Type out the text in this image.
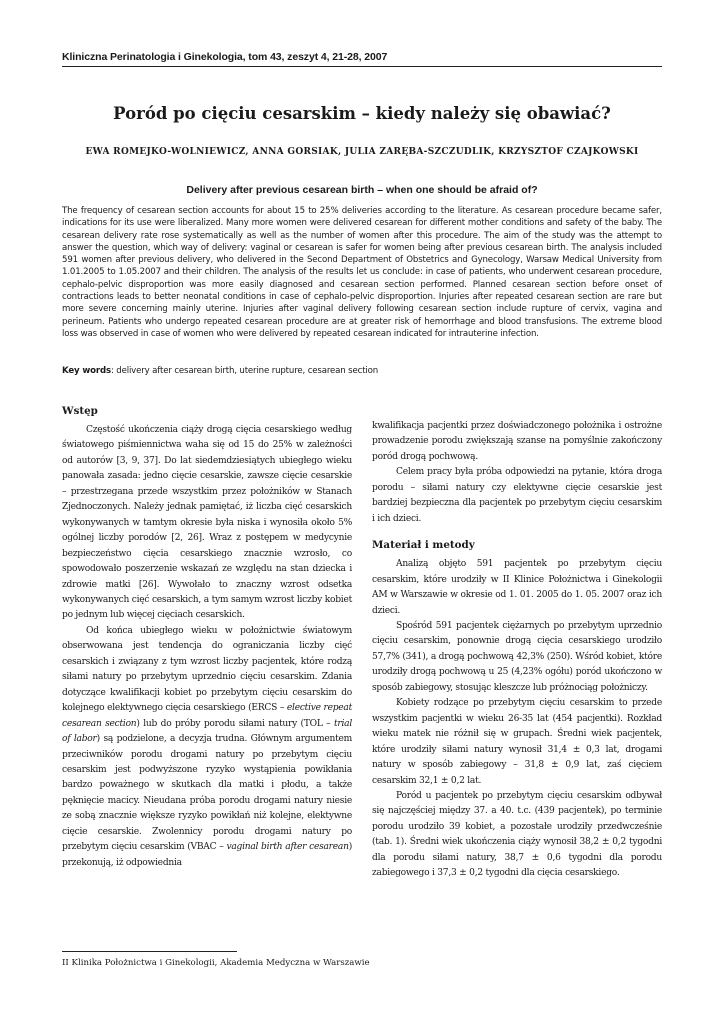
Kliniczna Perinatologia i Ginekologia, tom 43, zeszyt 4, 21-28, 2007
Poród po cięciu cesarskim – kiedy należy się obawiać?
EWA ROMEJKO-WOLNIEWICZ, ANNA GORSIAK, JULIA ZARĘBA-SZCZUDLIK, KRZYSZTOF CZAJKOWSKI
Delivery after previous cesarean birth – when one should be afraid of?

The frequency of cesarean section accounts for about 15 to 25% deliveries according to the literature. As cesarean procedure became safer, indications for its use were liberalized. Many more women were delivered cesarean for different mother conditions and safety of the baby. The cesarean delivery rate rose systematically as well as the number of women after this procedure. The aim of the study was the attempt to answer the question, which way of delivery: vaginal or cesarean is safer for women being after previous cesarean birth. The analysis included 591 women after previous delivery, who delivered in the Second Department of Obstetrics and Gynecology, Warsaw Medical University from 1.01.2005 to 1.05.2007 and their children. The analysis of the results let us conclude: in case of patients, who underwent cesarean procedure, cephalo-pelvic disproportion was more easily diagnosed and cesarean section performed. Planned cesarean section before onset of contractions leads to better neonatal conditions in case of cephalo-pelvic disproportion. Injuries after repeated cesarean section are rare but more severe concerning mainly uterine. Injuries after vaginal delivery following cesarean section include rupture of cervix, vagina and perineum. Patients who undergo repeated cesarean procedure are at greater risk of hemorrhage and blood transfusions. The extreme blood loss was observed in case of women who were delivered by repeated cesarean indicated for intrauterine infection.

Key words: delivery after cesarean birth, uterine rupture, cesarean section
Wstęp

Częstość ukończenia ciąży drogą cięcia cesarskiego według światowego piśmiennictwa waha się od 15 do 25% w zależności od autorów [3, 9, 37]. Do lat siedemdziesiątych ubiegłego wieku panowała zasada: jedno cięcie cesarskie, zawsze cięcie cesarskie – przestrzegana przede wszystkim przez położników w Stanach Zjednoczonych. Należy jednak pamiętać, iż liczba cięć cesarskich wykonywanych w tamtym okresie była niska i wynosiła około 5% ogólnej liczby porodów [2, 26]. Wraz z postępem w medycynie bezpieczeństwo cięcia cesarskiego znacznie wzrosło, co spowodowało poszerzenie wskazań ze względu na stan dziecka i zdrowie matki [26]. Wywołało to znaczny wzrost odsetka wykonywanych cięć cesarskich, a tym samym wzrost liczby kobiet po jednym lub więcej cięciach cesarskich.

Od końca ubiegłego wieku w położnictwie światowym obserwowana jest tendencja do ograniczania liczby cięć cesarskich i związany z tym wzrost liczby pacjentek, które rodzą siłami natury po przebytym uprzednio cięciu cesarskim. Zdania dotyczące kwalifikacji kobiet po przebytym cięciu cesarskim do kolejnego elektywnego cięcia cesarskiego (ERCS – elective repeat cesarean section) lub do próby porodu siłami natury (TOL – trial of labor) są podzielone, a decyzja trudna. Głównym argumentem przeciwników porodu drogami natury po przebytym cięciu cesarskim jest podwyższone ryzyko wystąpienia powikłania bardzo poważnego w skutkach dla matki i płodu, a także pęknięcie macicy. Nieudana próba porodu drogami natury niesie ze sobą znacznie większe ryzyko powikłań niż kolejne, elektywne cięcie cesarskie. Zwolennicy porodu drogami natury po przebytym cięciu cesarskim (VBAC – vaginal birth after cesarean) przekonują, iż odpowiednia

kwalifikacja pacjentki przez doświadczonego położnika i ostrożne prowadzenie porodu zwiększają szanse na pomyślnie zakończony poród drogą pochwową.

Celem pracy była próba odpowiedzi na pytanie, która droga porodu – siłami natury czy elektywne cięcie cesarskie jest bardziej bezpieczna dla pacjentek po przebytym cięciu cesarskim i ich dzieci.

Materiał i metody

Analizą objęto 591 pacjentek po przebytym cięciu cesarskim, które urodziły w II Klinice Położnictwa i Ginekologii AM w Warszawie w okresie od 1. 01. 2005 do 1. 05. 2007 oraz ich dzieci.

Spośród 591 pacjentek ciężarnych po przebytym uprzednio cięciu cesarskim, ponownie drogą cięcia cesarskiego urodziło 57,7% (341), a drogą pochwową 42,3% (250). Wśród kobiet, które urodziły drogą pochwową u 25 (4,23% ogółu) poród ukończono w sposób zabiegowy, stosując kleszcze lub próżnociąg położniczy.

Kobiety rodzące po przebytym cięciu cesarskim to przede wszystkim pacjentki w wieku 26-35 lat (454 pacjentki). Rozkład wieku matek nie różnił się w grupach. Średni wiek pacjentek, które urodziły siłami natury wynosił 31,4 ± 0,3 lat, drogami natury w sposób zabiegowy – 31,8 ± 0,9 lat, zaś cięciem cesarskim 32,1 ± 0,2 lat.

Poród u pacjentek po przebytym cięciu cesarskim odbywał się najczęściej między 37. a 40. t.c. (439 pacjentek), po terminie porodu urodziło 39 kobiet, a pozostałe urodziły przedwcześnie (tab. 1). Średni wiek ukończenia ciąży wynosił 38,2 ± 0,2 tygodni dla porodu siłami natury, 38,7 ± 0,6 tygodni dla porodu zabiegowego i 37,3 ± 0,2 tygodni dla cięcia cesarskiego.

II Klinika Położnictwa i Ginekologii, Akademia Medyczna w Warszawie
